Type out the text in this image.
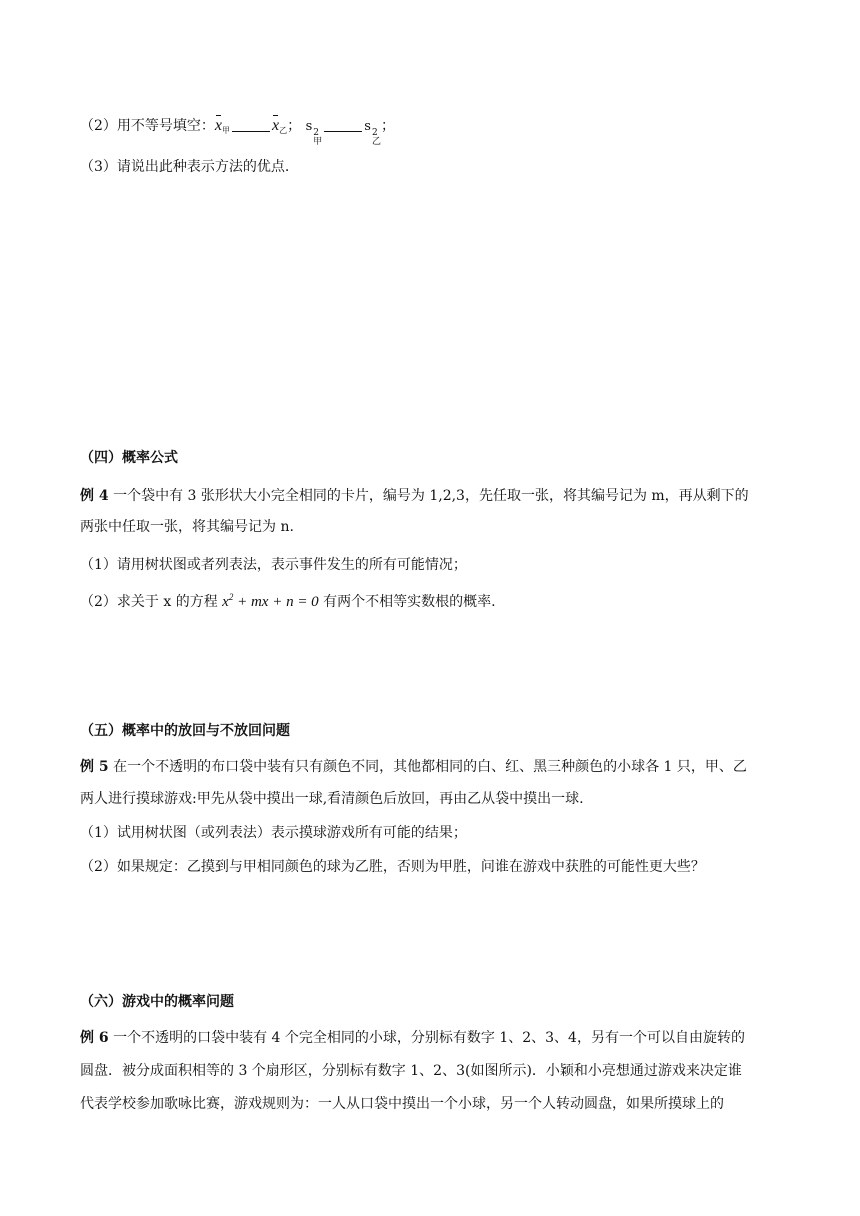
（2）用不等号填空：$x_甲$	$x_乙$； s 2
甲
s 2
乙
；
（3）请说出此种表示方法的优点.
（四）概率公式
例 4 一个袋中有 3 张形状大小完全相同的卡片，编号为 1,2,3，先任取一张，将其编号记为 m，再从剩下的
两张中任取一张，将其编号记为 n.
（1）请用树状图或者列表法，表示事件发生的所有可能情况；
（2）求关于 x 的方程 $x^2$ + mx + n = 0 有两个不相等实数根的概率.
（五）概率中的放回与不放回问题
例 5 在一个不透明的布口袋中装有只有颜色不同，其他都相同的白、红、黑三种颜色的小球各 1 只，甲、乙
两人进行摸球游戏:甲先从袋中摸出一球,看清颜色后放回，再由乙从袋中摸出一球.
（1）试用树状图（或列表法）表示摸球游戏所有可能的结果；
（2）如果规定：乙摸到与甲相同颜色的球为乙胜，否则为甲胜，问谁在游戏中获胜的可能性更大些？
（六）游戏中的概率问题
例 6 一个不透明的口袋中装有 4 个完全相同的小球，分别标有数字 1、2、3、4，另有一个可以自由旋转的
圆盘．被分成面积相等的 3 个扇形区，分别标有数字 1、2、3(如图所示)．小颖和小亮想通过游戏来决定谁
代表学校参加歌咏比赛，游戏规则为：一人从口袋中摸出一个小球，另一个人转动圆盘，如果所摸球上的
